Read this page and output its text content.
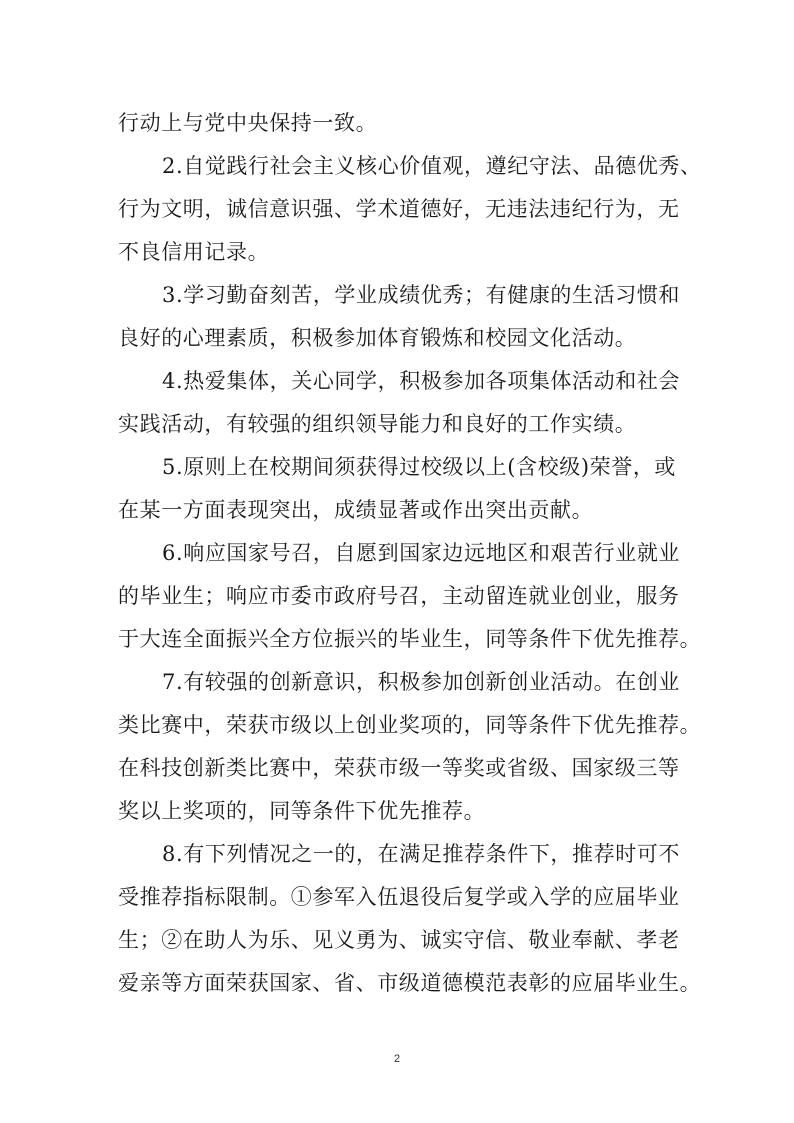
行动上与党中央保持一致。
2.自觉践行社会主义核心价值观，遵纪守法、品德优秀、
行为文明，诚信意识强、学术道德好，无违法违纪行为，无
不良信用记录。
3.学习勤奋刻苦，学业成绩优秀；有健康的生活习惯和
良好的心理素质，积极参加体育锻炼和校园文化活动。
4.热爱集体，关心同学，积极参加各项集体活动和社会
实践活动，有较强的组织领导能力和良好的工作实绩。
5.原则上在校期间须获得过校级以上(含校级)荣誉，或
在某一方面表现突出，成绩显著或作出突出贡献。
6.响应国家号召，自愿到国家边远地区和艰苦行业就业
的毕业生；响应市委市政府号召，主动留连就业创业，服务
于大连全面振兴全方位振兴的毕业生，同等条件下优先推荐。
7.有较强的创新意识，积极参加创新创业活动。在创业
类比赛中，荣获市级以上创业奖项的，同等条件下优先推荐。
在科技创新类比赛中，荣获市级一等奖或省级、国家级三等
奖以上奖项的，同等条件下优先推荐。
8.有下列情况之一的，在满足推荐条件下，推荐时可不
受推荐指标限制。①参军入伍退役后复学或入学的应届毕业
生；②在助人为乐、见义勇为、诚实守信、敬业奉献、孝老
爱亲等方面荣获国家、省、市级道德模范表彰的应届毕业生。
2
